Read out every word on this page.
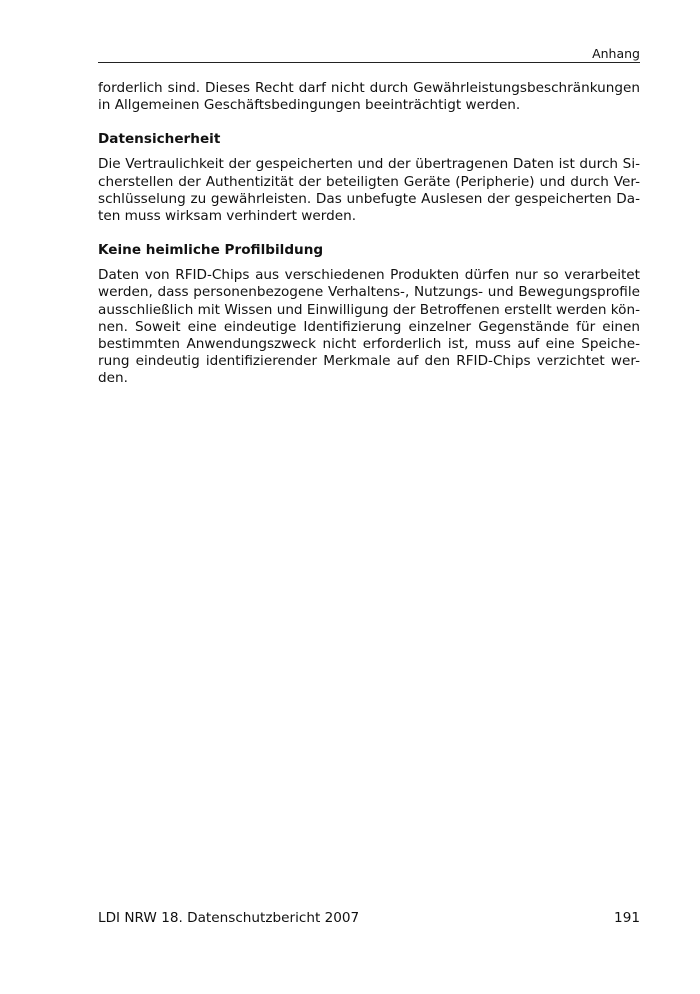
Anhang

forderlich sind. Dieses Recht darf nicht durch Gewährleistungsbeschränkungen
in Allgemeinen Geschäftsbedingungen beeinträchtigt werden.

Datensicherheit

Die Vertraulichkeit der gespeicherten und der übertragenen Daten ist durch Si-
cherstellen der Authentizität der beteiligten Geräte (Peripherie) und durch Ver-
schlüsselung zu gewährleisten. Das unbefugte Auslesen der gespeicherten Da-
ten muss wirksam verhindert werden.

Keine heimliche Profilbildung

Daten von RFID-Chips aus verschiedenen Produkten dürfen nur so verarbeitet
werden, dass personenbezogene Verhaltens-, Nutzungs- und Bewegungsprofile
ausschließlich mit Wissen und Einwilligung der Betroffenen erstellt werden kön-
nen. Soweit eine eindeutige Identifizierung einzelner Gegenstände für einen
bestimmten Anwendungszweck nicht erforderlich ist, muss auf eine Speiche-
rung eindeutig identifizierender Merkmale auf den RFID-Chips verzichtet wer-
den.

LDI NRW 18. Datenschutzbericht 2007	191
